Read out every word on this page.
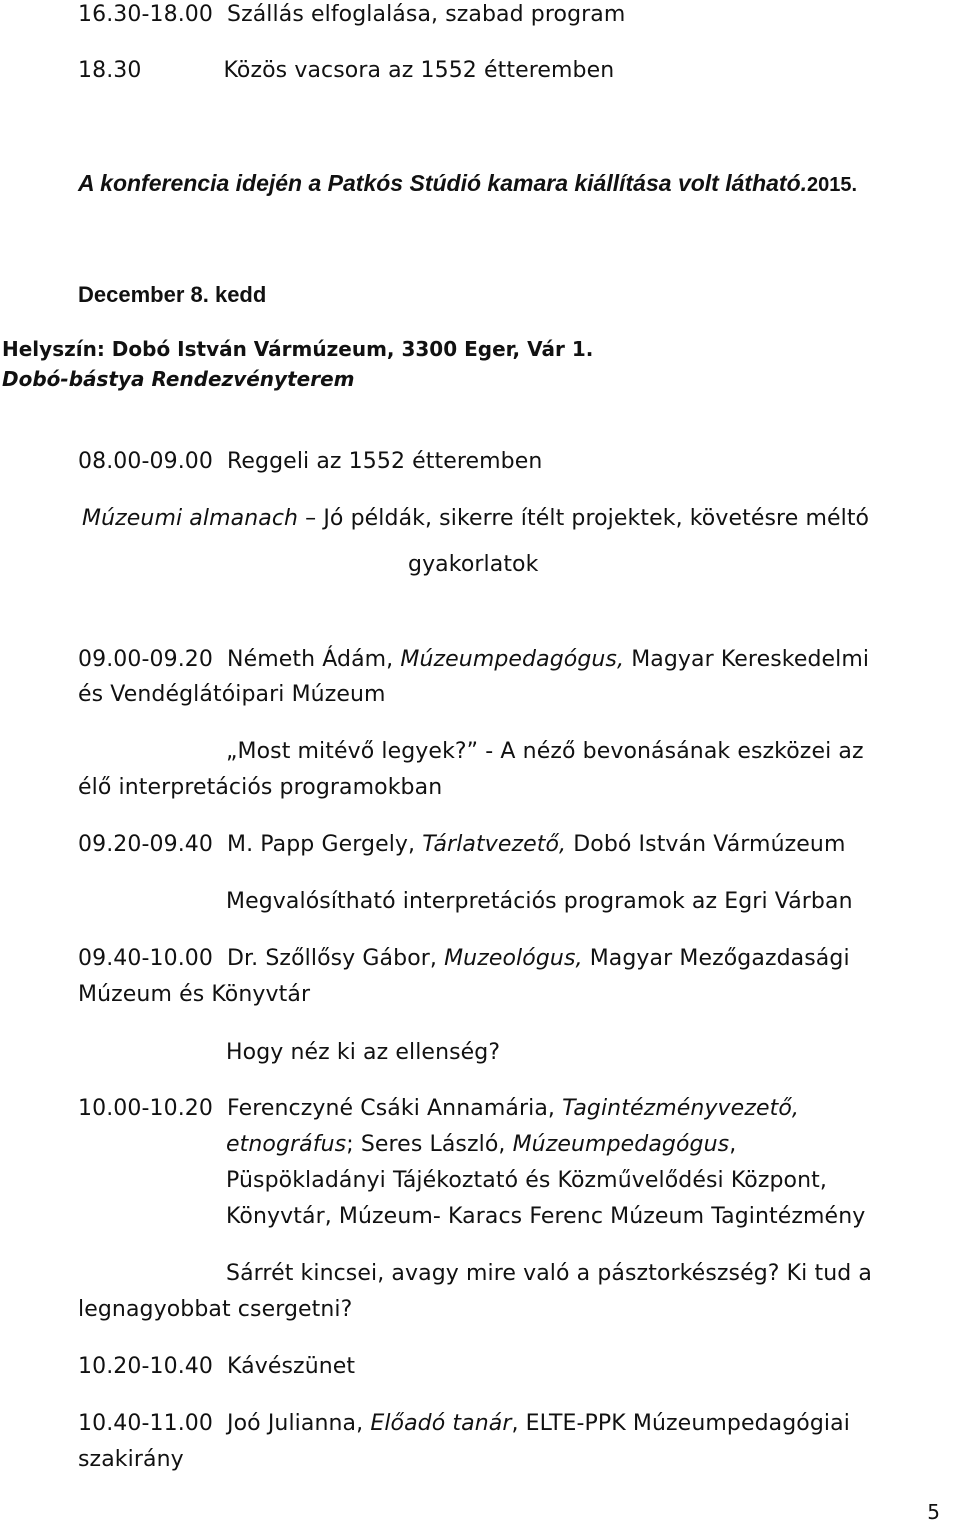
16.30-18.00 Szállás elfoglalása, szabad program
18.30	Közös vacsora az 1552 étteremben
A konferencia idején a Patkós Stúdió kamara kiállítása volt látható.2015.
December 8. kedd
Helyszín: Dobó István Vármúzeum, 3300 Eger, Vár 1.
Dobó-bástya Rendezvényterem
08.00-09.00 Reggeli az 1552 étteremben
Múzeumi almanach – Jó példák, sikerre ítélt projektek, követésre méltó
gyakorlatok
09.00-09.20 Németh Ádám, Múzeumpedagógus, Magyar Kereskedelmi
és Vendéglátóipari Múzeum
„Most mitévő legyek?” - A néző bevonásának eszközei az
élő interpretációs programokban
09.20-09.40 M. Papp Gergely, Tárlatvezető, Dobó István Vármúzeum
Megvalósítható interpretációs programok az Egri Várban
09.40-10.00 Dr. Szőllősy Gábor, Muzeológus, Magyar Mezőgazdasági
Múzeum és Könyvtár
Hogy néz ki az ellenség?
10.00-10.20 Ferenczyné Csáki Annamária, Tagintézményvezető,
etnográfus; Seres László, Múzeumpedagógus,
Püspökladányi Tájékoztató és Közművelődési Központ,
Könyvtár, Múzeum- Karacs Ferenc Múzeum Tagintézmény
Sárrét kincsei, avagy mire való a pásztorkészség? Ki tud a
legnagyobbat csergetni?
10.20-10.40 Kávészünet
10.40-11.00 Joó Julianna, Előadó tanár, ELTE-PPK Múzeumpedagógiai
szakirány
5
